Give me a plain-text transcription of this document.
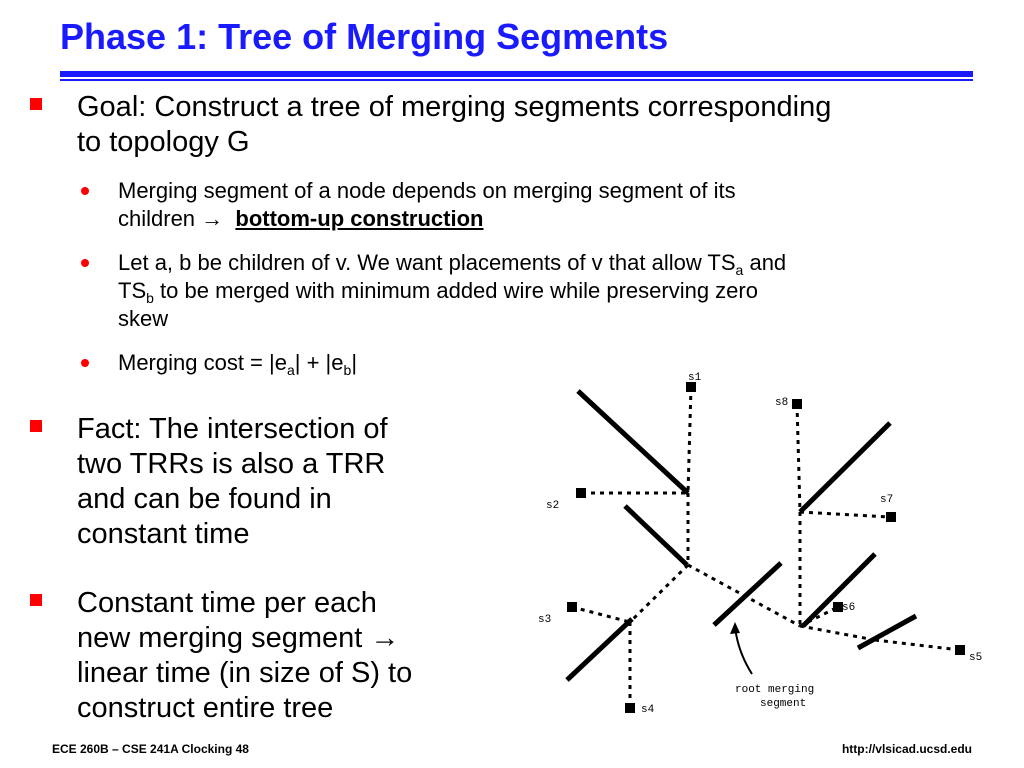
Phase 1: Tree of Merging Segments
Goal: Construct a tree of merging segments corresponding
to topology G
Merging segment of a node depends on merging segment of its
children → bottom-up construction
Let a, b be children of v. We want placements of v that allow $TS_a$ and
$TS_b$ to be merged with minimum added wire while preserving zero
skew
Merging $\cos t = |e_a| + |e_b|$
Fact: The intersection of
two TRRs is also a TRR
and can be found in
constant time
Constant time per each
new merging segment →
linear time (in size of S) to
construct entire tree
s1
s2
s3
s4
s5
s6
s7
s8
root merging
segment
ECE 260B – CSE 241A Clocking 48	http://vlsicad.ucsd.edu
